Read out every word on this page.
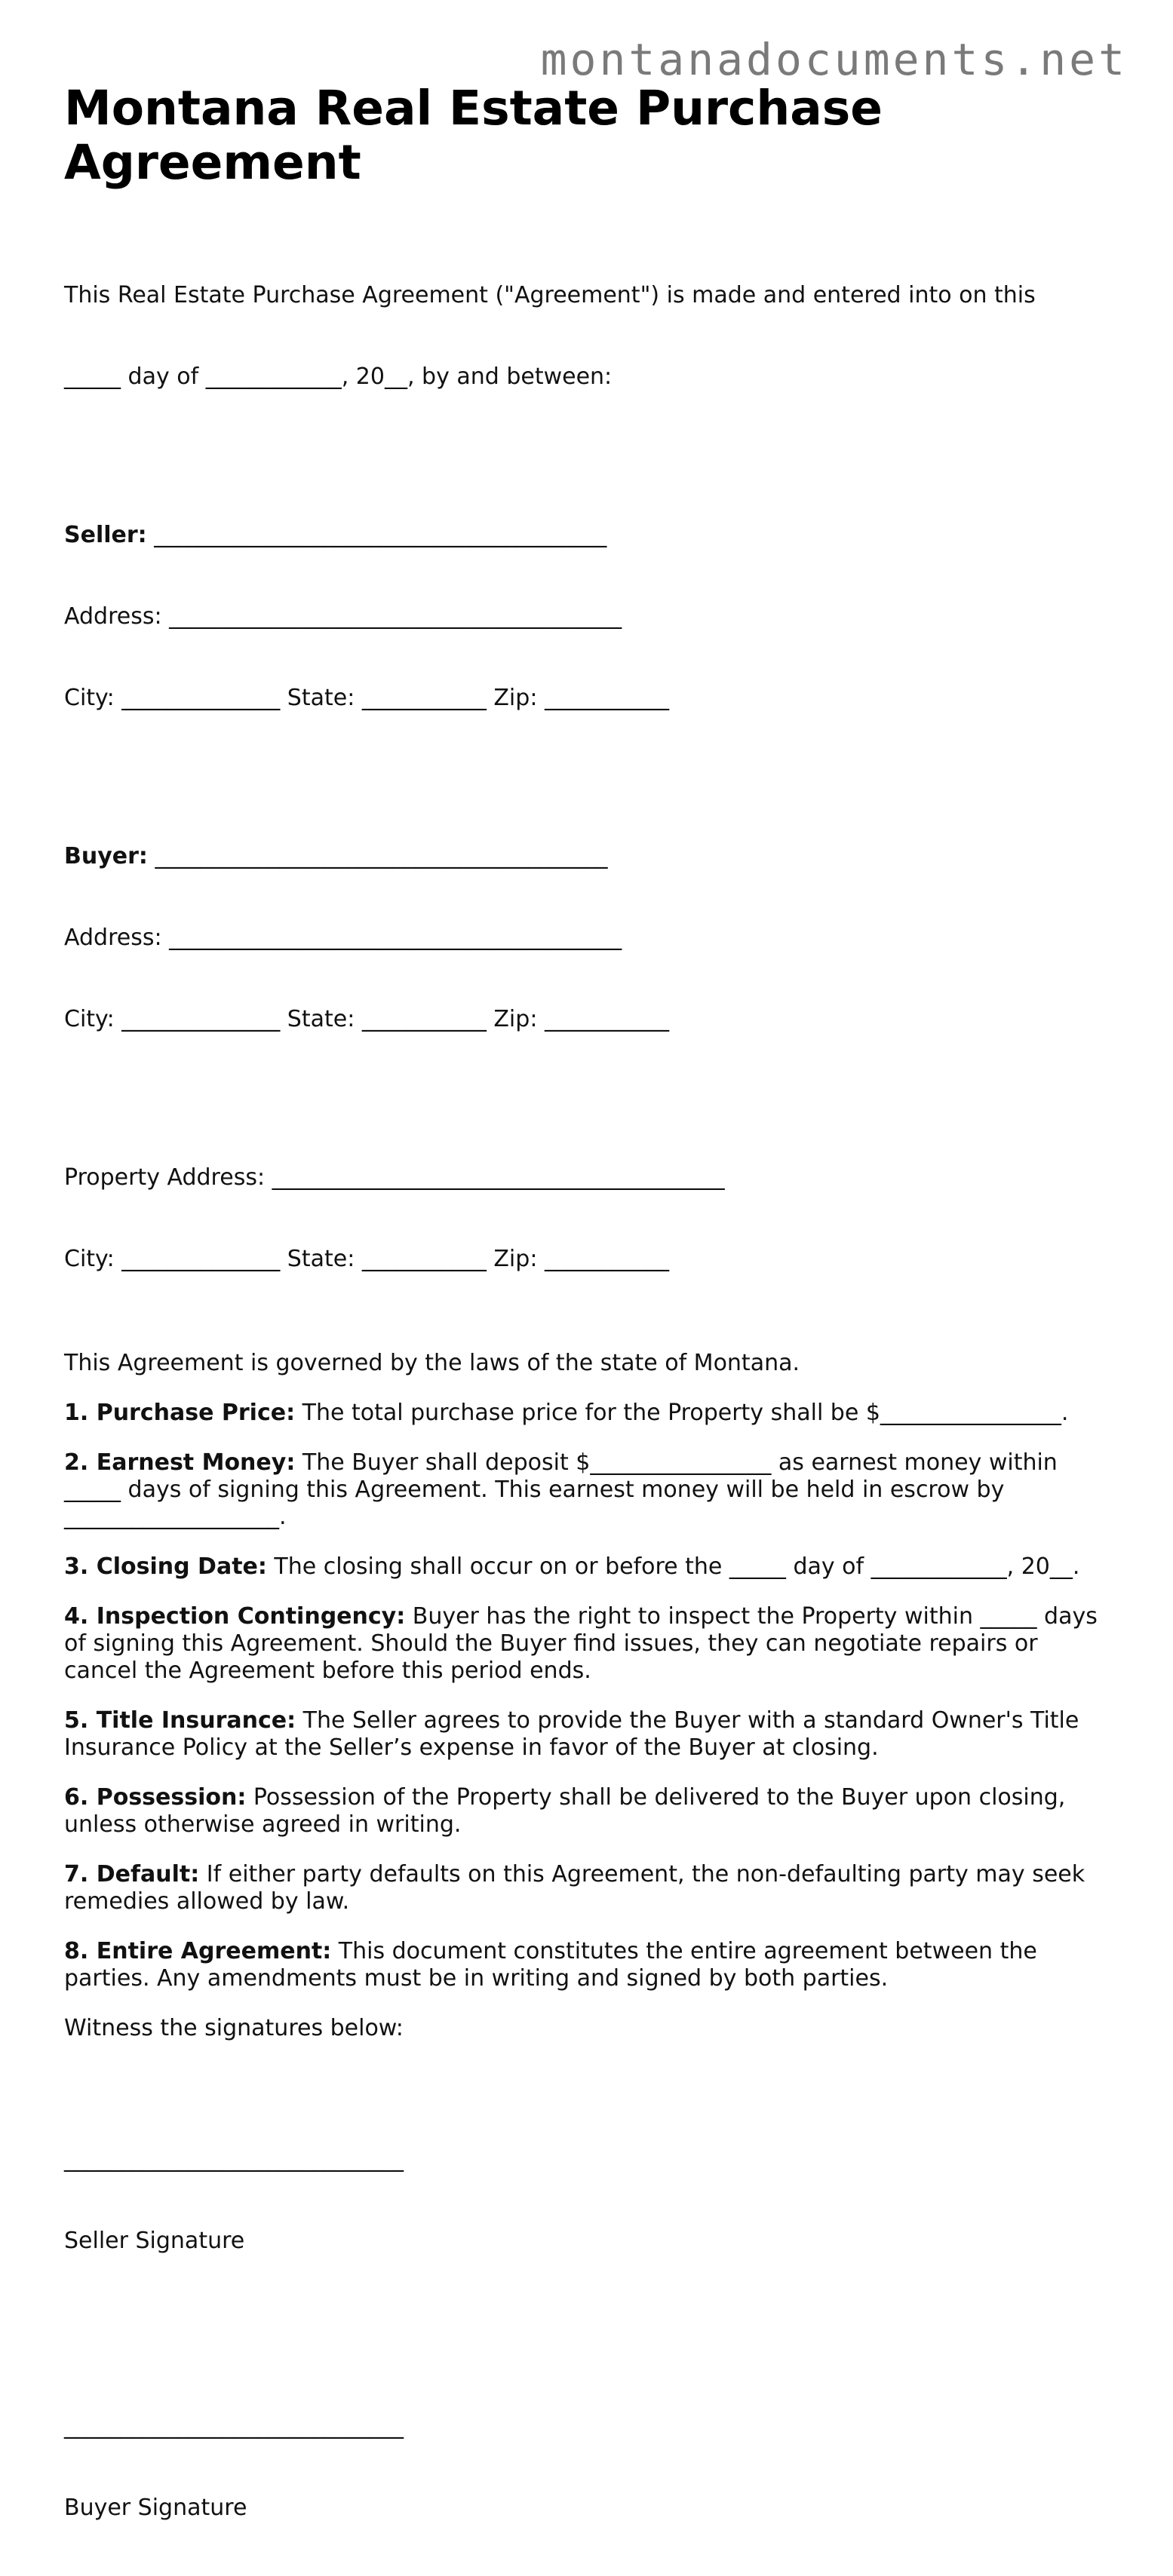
montanadocuments.net
Montana Real Estate Purchase Agreement

This Real Estate Purchase Agreement ("Agreement") is made and entered into on this

_____ day of ____________, 20__, by and between:

Seller: ________________________________________

Address: ________________________________________

City: ______________ State: ___________ Zip: ___________

Buyer: ________________________________________

Address: ________________________________________

City: ______________ State: ___________ Zip: ___________

Property Address: ________________________________________

City: ______________ State: ___________ Zip: ___________

This Agreement is governed by the laws of the state of Montana.
1. Purchase Price: The total purchase price for the Property shall be $________________.
2. Earnest Money: The Buyer shall deposit $________________ as earnest money within
_____ days of signing this Agreement. This earnest money will be held in escrow by
___________________.
3. Closing Date: The closing shall occur on or before the _____ day of ____________, 20__.
4. Inspection Contingency: Buyer has the right to inspect the Property within _____ days
of signing this Agreement. Should the Buyer find issues, they can negotiate repairs or
cancel the Agreement before this period ends.
5. Title Insurance: The Seller agrees to provide the Buyer with a standard Owner's Title
Insurance Policy at the Seller’s expense in favor of the Buyer at closing.
6. Possession: Possession of the Property shall be delivered to the Buyer upon closing,
unless otherwise agreed in writing.
7. Default: If either party defaults on this Agreement, the non-defaulting party may seek
remedies allowed by law.
8. Entire Agreement: This document constitutes the entire agreement between the
parties. Any amendments must be in writing and signed by both parties.
Witness the signatures below:

______________________________

Seller Signature

______________________________

Buyer Signature
